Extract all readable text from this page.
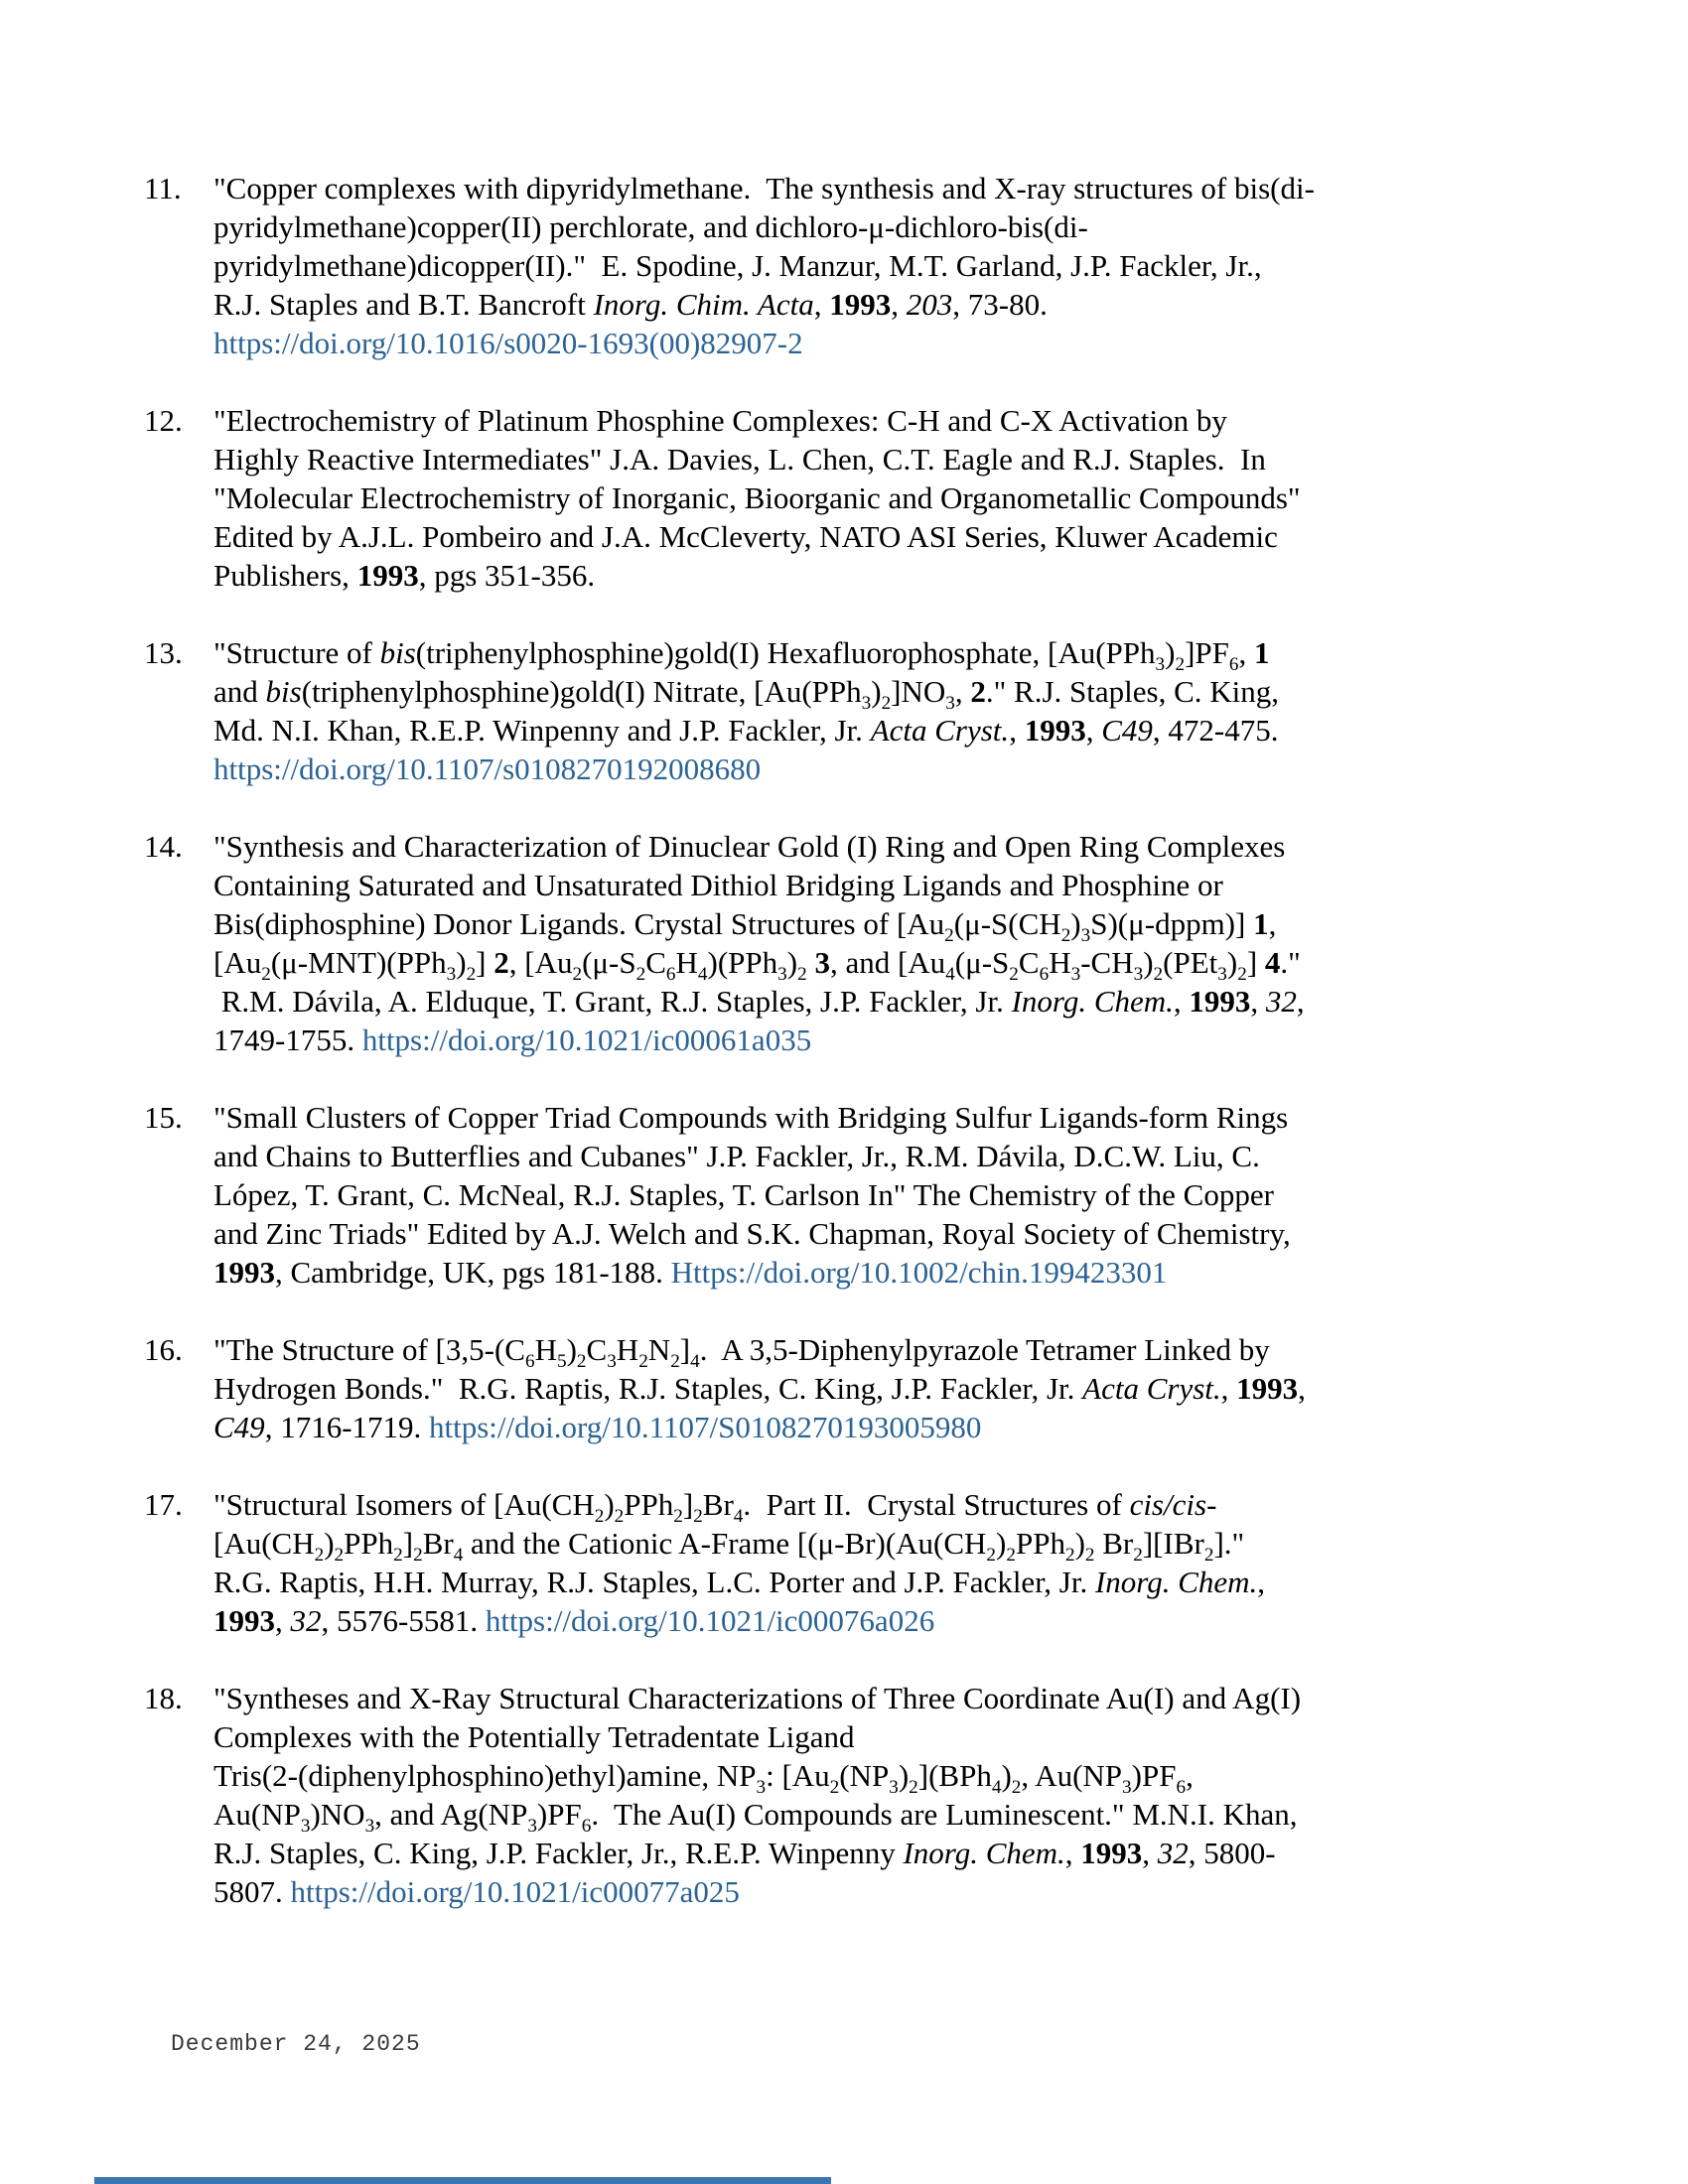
11.	"Copper complexes with dipyridylmethane.  The synthesis and X-ray structures of bis(di-
pyridylmethane)copper(II) perchlorate, and dichloro-μ-dichloro-bis(di-
pyridylmethane)dicopper(II)."  E. Spodine, J. Manzur, M.T. Garland, J.P. Fackler, Jr.,
R.J. Staples and B.T. Bancroft Inorg. Chim. Acta, 1993, 203, 73-80.
https://doi.org/10.1016/s0020-1693(00)82907-2
12.	"Electrochemistry of Platinum Phosphine Complexes: C-H and C-X Activation by
Highly Reactive Intermediates" J.A. Davies, L. Chen, C.T. Eagle and R.J. Staples.  In
"Molecular Electrochemistry of Inorganic, Bioorganic and Organometallic Compounds"
Edited by A.J.L. Pombeiro and J.A. McCleverty, NATO ASI Series, Kluwer Academic
Publishers, 1993, pgs 351-356.
13.	"Structure of bis(triphenylphosphine)gold(I) Hexafluorophosphate, $[Au(PPh_3)_2]PF_6$, 1
and bis(triphenylphosphine)gold(I) Nitrate, $[Au(PPh_3)_2]NO_3$, 2." R.J. Staples, C. King,
Md. N.I. Khan, R.E.P. Winpenny and J.P. Fackler, Jr. Acta Cryst., 1993, C49, 472-475.
https://doi.org/10.1107/s0108270192008680
14.	"Synthesis and Characterization of Dinuclear Gold (I) Ring and Open Ring Complexes
Containing Saturated and Unsaturated Dithiol Bridging Ligands and Phosphine or
Bis(diphosphine) Donor Ligands. Crystal Structures of $[Au_2(\mu-S(CH_2)_3S)(\mu-dppm)]$ 1,
$[Au_2(\mu-MNT)(PPh_3)_2]$ 2, [$Au_2(\mu-S_2C_6H_4)(PPh_3)_2$ 3, and $[Au_4(\mu-S_2C_6H_3-CH_3)_2(PEt_3)_2]$ 4."
R.M. Dávila, A. Elduque, T. Grant, R.J. Staples, J.P. Fackler, Jr. Inorg. Chem., 1993, 32,
1749-1755. https://doi.org/10.1021/ic00061a035
15.	"Small Clusters of Copper Triad Compounds with Bridging Sulfur Ligands-form Rings
and Chains to Butterflies and Cubanes" J.P. Fackler, Jr., R.M. Dávila, D.C.W. Liu, C.
López, T. Grant, C. McNeal, R.J. Staples, T. Carlson In" The Chemistry of the Copper
and Zinc Triads" Edited by A.J. Welch and S.K. Chapman, Royal Society of Chemistry,
1993, Cambridge, UK, pgs 181-188. Https://doi.org/10.1002/chin.199423301
16.	"The Structure of $[3,5-(C_6H_5)_2C_3H_2N_2]_4$.  A 3,5-Diphenylpyrazole Tetramer Linked by
Hydrogen Bonds."  R.G. Raptis, R.J. Staples, C. King, J.P. Fackler, Jr. Acta Cryst., 1993,
C49, 1716-1719. https://doi.org/10.1107/S0108270193005980
17.	"Structural Isomers of $[Au(CH_2)_2PPh_2]_2Br_4$.  Part II.  Crystal Structures of cis/cis-
$[Au(CH_2)_2PPh_2]_2Br_4$ and the Cationic A-Frame [$(\mu-Br)(Au(CH_2)_2PPh_2)_2$ $Br_2][IBr_2]$."
R.G. Raptis, H.H. Murray, R.J. Staples, L.C. Porter and J.P. Fackler, Jr. Inorg. Chem.,
1993, 32, 5576-5581. https://doi.org/10.1021/ic00076a026
18.	"Syntheses and X-Ray Structural Characterizations of Three Coordinate Au(I) and Ag(I)
Complexes with the Potentially Tetradentate Ligand
Tris(2-(diphenylphosphino)ethyl)amine, $NP_3$: $[Au_2(NP_3)_2](BPh_4)_2$, $Au(NP_3)PF_6$,
$Au(NP_3)NO_3$, and $Ag(NP_3)PF_6$.  The Au(I) Compounds are Luminescent." M.N.I. Khan,
R.J. Staples, C. King, J.P. Fackler, Jr., R.E.P. Winpenny Inorg. Chem., 1993, 32, 5800-
5807. https://doi.org/10.1021/ic00077a025
December 24, 2025
